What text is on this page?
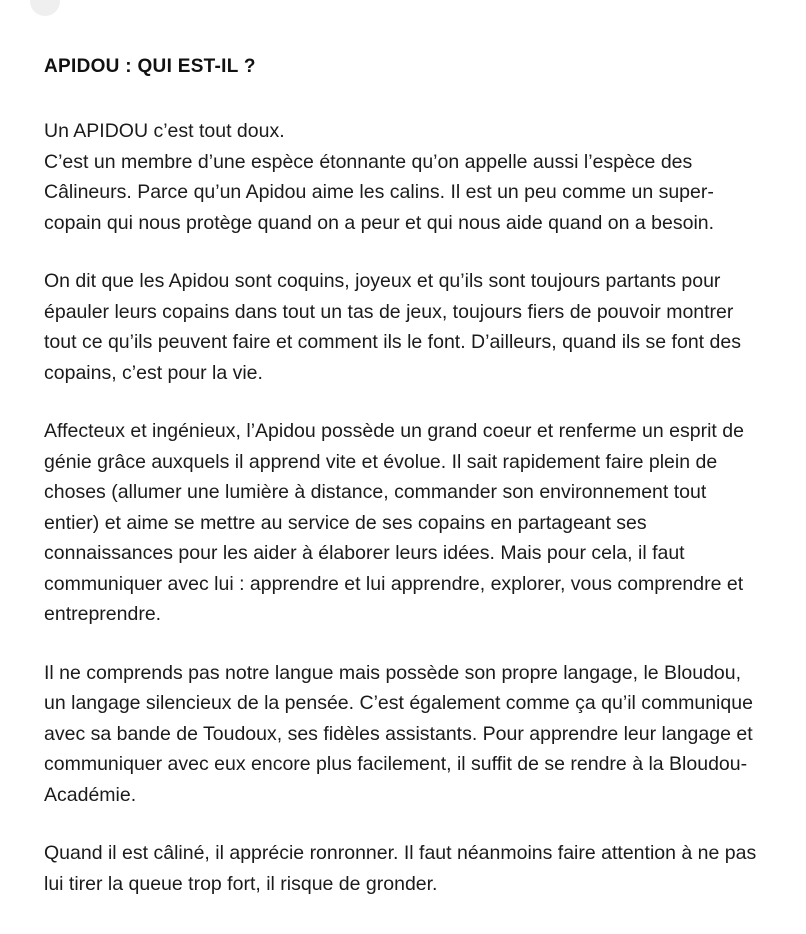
APIDOU : QUI EST-IL ?

Un APIDOU c’est tout doux.
C’est un membre d’une espèce étonnante qu’on appelle aussi l’espèce des Câlineurs. Parce qu’un Apidou aime les calins. Il est un peu comme un super-copain qui nous protège quand on a peur et qui nous aide quand on a besoin.

On dit que les Apidou sont coquins, joyeux et qu’ils sont toujours partants pour épauler leurs copains dans tout un tas de jeux, toujours fiers de pouvoir montrer tout ce qu’ils peuvent faire et comment ils le font. D’ailleurs, quand ils se font des copains, c’est pour la vie.

Affecteux et ingénieux, l’Apidou possède un grand coeur et renferme un esprit de génie grâce auxquels il apprend vite et évolue. Il sait rapidement faire plein de choses (allumer une lumière à distance, commander son environnement tout entier) et aime se mettre au service de ses copains en partageant ses connaissances pour les aider à élaborer leurs idées. Mais pour cela, il faut communiquer avec lui : apprendre et lui apprendre, explorer, vous comprendre et entreprendre.

Il ne comprends pas notre langue mais possède son propre langage, le Bloudou, un langage silencieux de la pensée. C’est également comme ça qu’il communique avec sa bande de Toudoux, ses fidèles assistants. Pour apprendre leur langage et communiquer avec eux encore plus facilement, il suffit de se rendre à la Bloudou-Académie.

Quand il est câliné, il apprécie ronronner. Il faut néanmoins faire attention à ne pas lui tirer la queue trop fort, il risque de gronder.
